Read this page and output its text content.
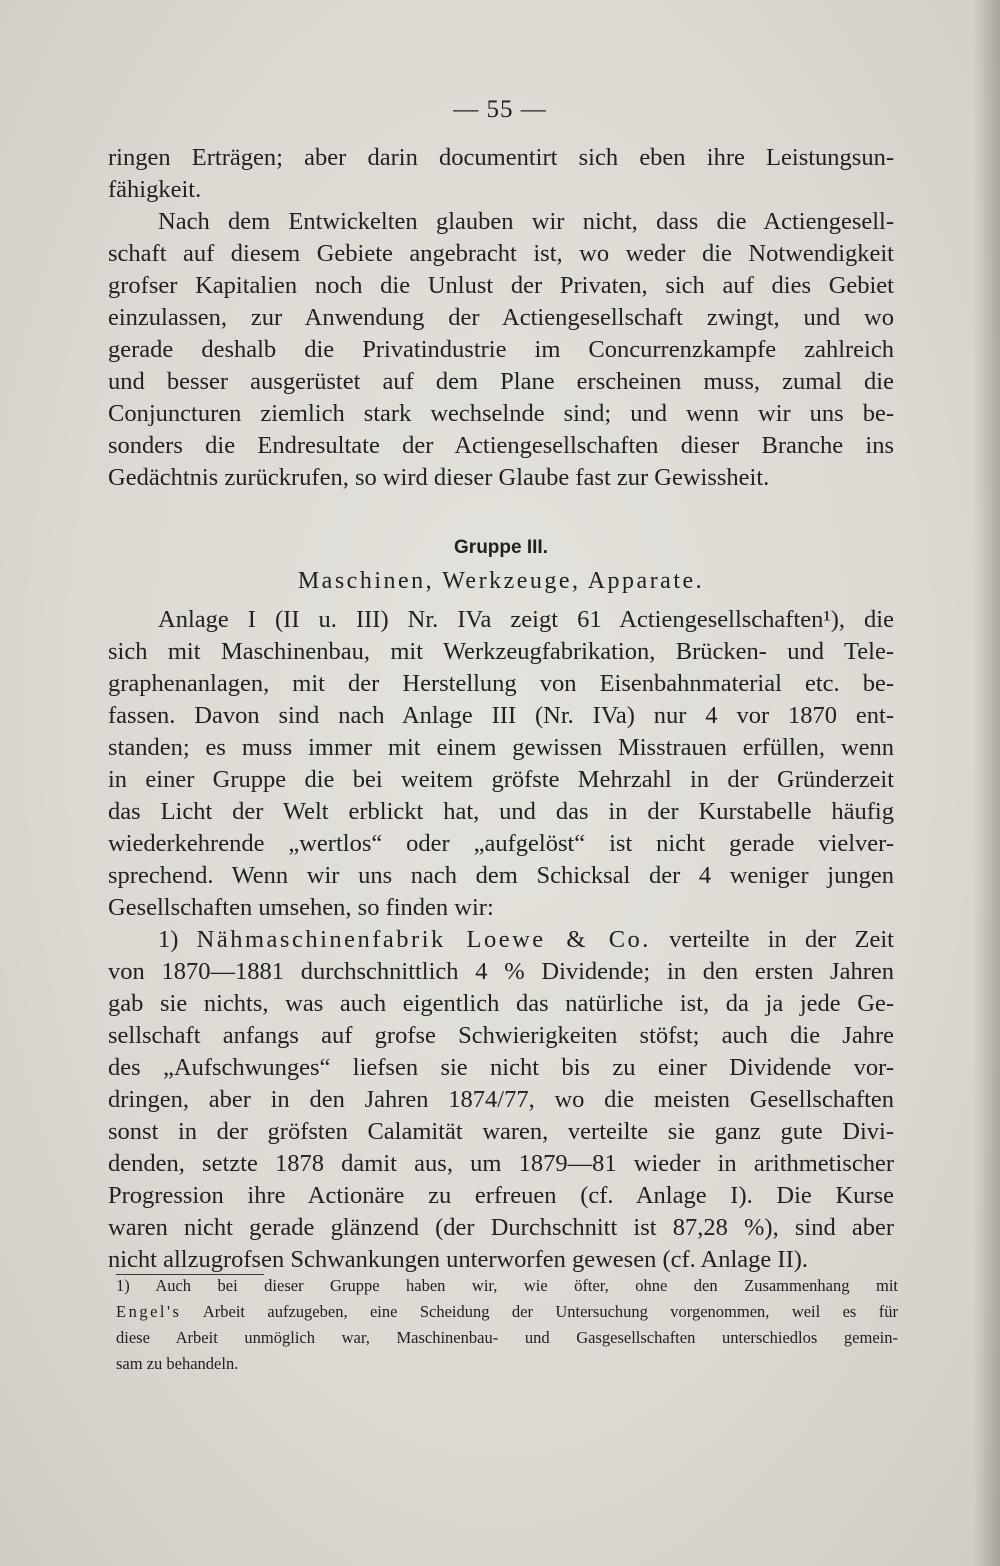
— 55 —
ringen Erträgen; aber darin documentirt sich eben ihre Leistungsun-
fähigkeit.
Nach dem Entwickelten glauben wir nicht, dass die Actiengesell-
schaft auf diesem Gebiete angebracht ist, wo weder die Notwendigkeit
grofser Kapitalien noch die Unlust der Privaten, sich auf dies Gebiet
einzulassen, zur Anwendung der Actiengesellschaft zwingt, und wo
gerade deshalb die Privatindustrie im Concurrenzkampfe zahlreich
und besser ausgerüstet auf dem Plane erscheinen muss, zumal die
Conjuncturen ziemlich stark wechselnde sind; und wenn wir uns be-
sonders die Endresultate der Actiengesellschaften dieser Branche ins
Gedächtnis zurückrufen, so wird dieser Glaube fast zur Gewissheit.
Gruppe III.
Maschinen, Werkzeuge, Apparate.
Anlage I (II u. III) Nr. IVa zeigt 61 Actiengesellschaften¹), die
sich mit Maschinenbau, mit Werkzeugfabrikation, Brücken- und Tele-
graphenanlagen, mit der Herstellung von Eisenbahnmaterial etc. be-
fassen. Davon sind nach Anlage III (Nr. IVa) nur 4 vor 1870 ent-
standen; es muss immer mit einem gewissen Misstrauen erfüllen, wenn
in einer Gruppe die bei weitem gröfste Mehrzahl in der Gründerzeit
das Licht der Welt erblickt hat, und das in der Kurstabelle häufig
wiederkehrende „wertlos“ oder „aufgelöst“ ist nicht gerade vielver-
sprechend. Wenn wir uns nach dem Schicksal der 4 weniger jungen
Gesellschaften umsehen, so finden wir:
1) Nähmaschinenfabrik Loewe & Co. verteilte in der Zeit
von 1870—1881 durchschnittlich 4 % Dividende; in den ersten Jahren
gab sie nichts, was auch eigentlich das natürliche ist, da ja jede Ge-
sellschaft anfangs auf grofse Schwierigkeiten stöfst; auch die Jahre
des „Aufschwunges“ liefsen sie nicht bis zu einer Dividende vor-
dringen, aber in den Jahren 1874/77, wo die meisten Gesellschaften
sonst in der gröfsten Calamität waren, verteilte sie ganz gute Divi-
denden, setzte 1878 damit aus, um 1879—81 wieder in arithmetischer
Progression ihre Actionäre zu erfreuen (cf. Anlage I). Die Kurse
waren nicht gerade glänzend (der Durchschnitt ist 87,28 %), sind aber
nicht allzugrofsen Schwankungen unterworfen gewesen (cf. Anlage II).
1) Auch bei dieser Gruppe haben wir, wie öfter, ohne den Zusammenhang mit
Engel's Arbeit aufzugeben, eine Scheidung der Untersuchung vorgenommen, weil es für
diese Arbeit unmöglich war, Maschinenbau- und Gasgesellschaften unterschiedlos gemein-
sam zu behandeln.
